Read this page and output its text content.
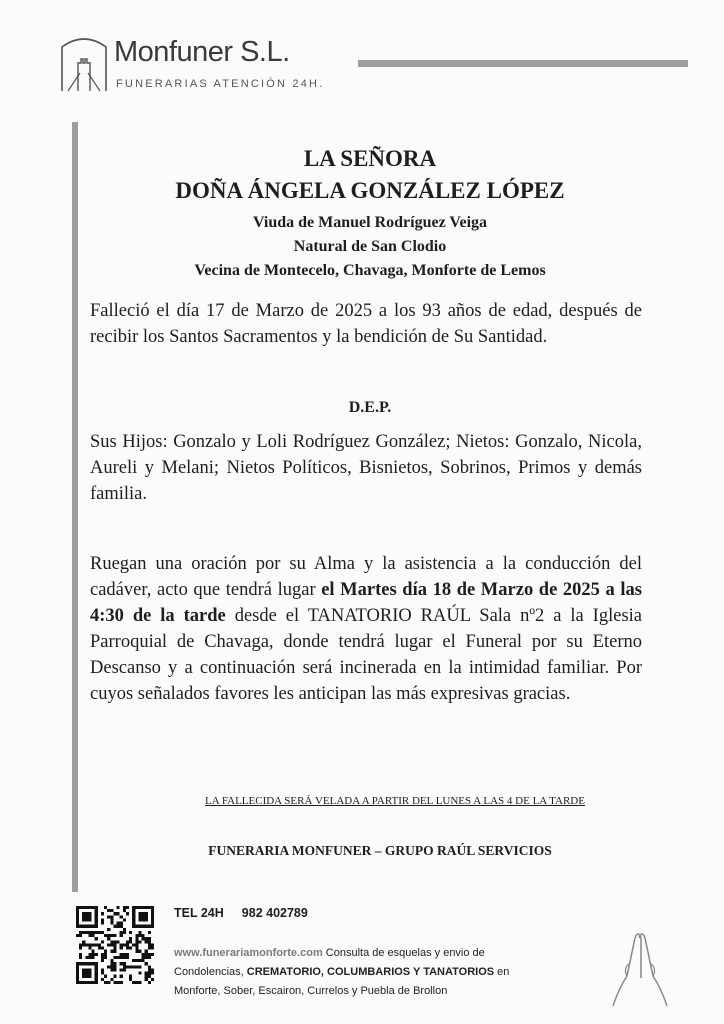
Monfuner S.L.
FUNERARIAS ATENCIÓN 24H.
LA SEÑORA
DOÑA ÁNGELA GONZÁLEZ LÓPEZ
Viuda de Manuel Rodríguez Veiga
Natural de San Clodio
Vecina de Montecelo, Chavaga, Monforte de Lemos
Falleció el día 17 de Marzo de 2025 a los 93 años de edad, después de recibir los Santos Sacramentos y la bendición de Su Santidad.
D.E.P.
Sus Hijos: Gonzalo y Loli Rodríguez González; Nietos: Gonzalo, Nicola, Aureli y Melani; Nietos Políticos, Bisnietos, Sobrinos, Primos y demás familia.
Ruegan una oración por su Alma y la asistencia a la conducción del cadáver, acto que tendrá lugar el Martes día 18 de Marzo de 2025 a las 4:30 de la tarde desde el TANATORIO RAÚL Sala nº2 a la Iglesia Parroquial de Chavaga, donde tendrá lugar el Funeral por su Eterno Descanso y a continuación será incinerada en la intimidad familiar. Por cuyos señalados favores les anticipan las más expresivas gracias.
LA FALLECIDA SERÁ VELADA A PARTIR DEL LUNES A LAS 4 DE LA TARDE
FUNERARIA MONFUNER – GRUPO RAÚL SERVICIOS
TEL 24H 982 402789
www.funerariamonforte.com Consulta de esquelas y envio de
Condolencias, CREMATORIO, COLUMBARIOS Y TANATORIOS en
Monforte, Sober, Escairon, Currelos y Puebla de Brollon
